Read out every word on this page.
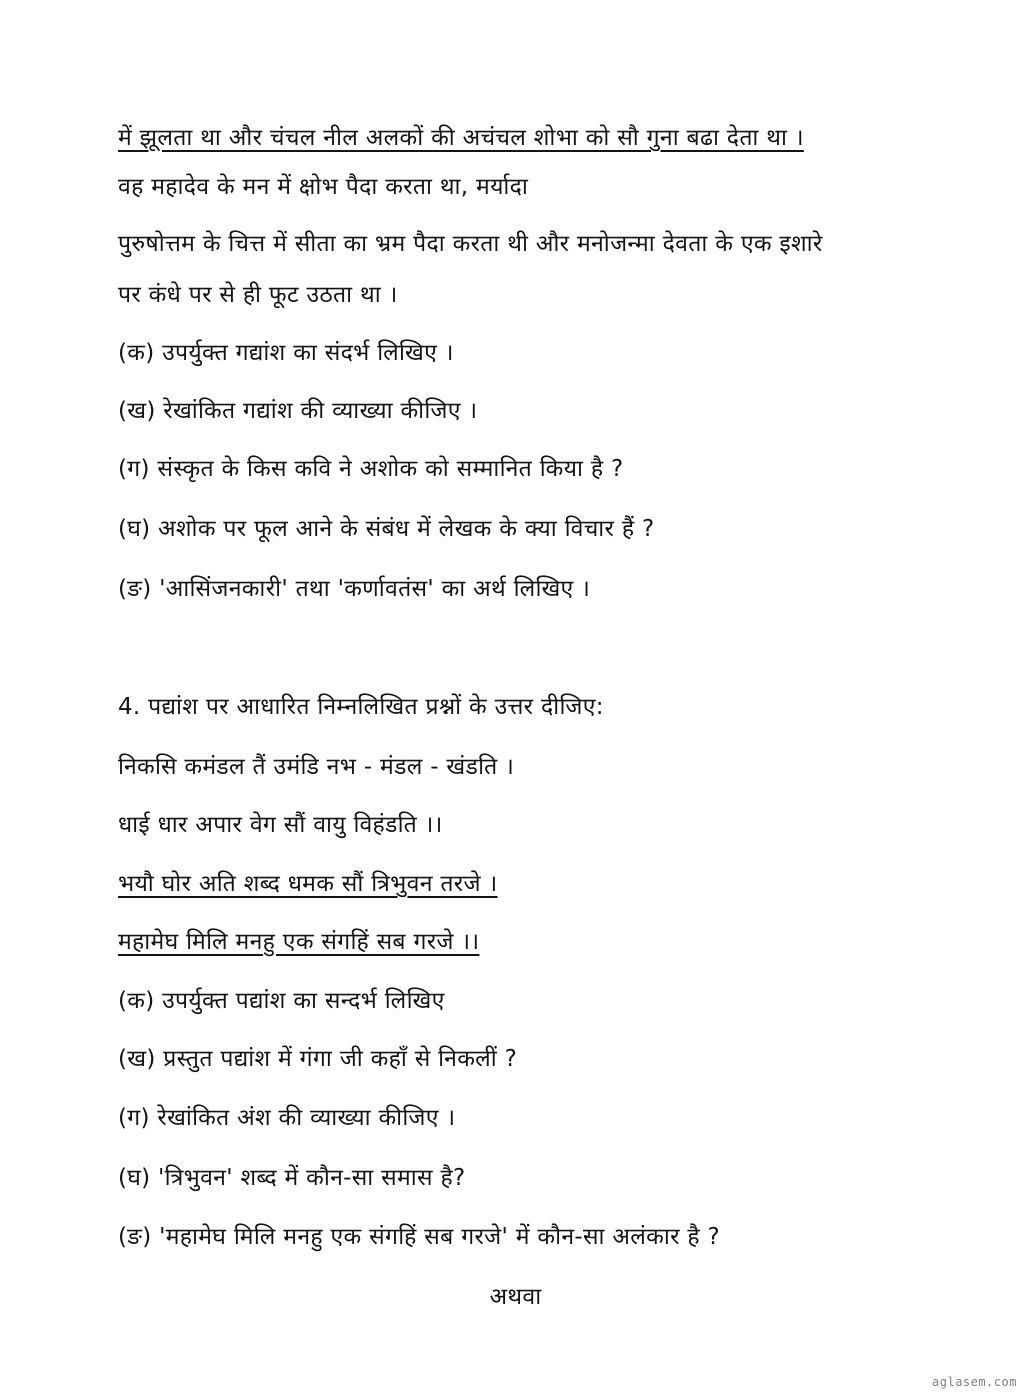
में झूलता था और चंचल नील अलकों की अचंचल शोभा को सौ गुना बढा देता था ।
वह महादेव के मन में क्षोभ पैदा करता था, मर्यादा
पुरुषोत्तम के चित्त में सीता का भ्रम पैदा करता थी और मनोजन्मा देवता के एक इशारे
पर कंधे पर से ही फूट उठता था ।
(क) उपर्युक्त गद्यांश का संदर्भ लिखिए ।
(ख) रेखांकित गद्यांश की व्याख्या कीजिए ।
(ग) संस्कृत के किस कवि ने अशोक को सम्मानित किया है ?
(घ) अशोक पर फूल आने के संबंध में लेखक के क्या विचार हैं ?
(ङ) 'आसिंजनकारी' तथा 'कर्णावतंस' का अर्थ लिखिए ।
4. पद्यांश पर आधारित निम्नलिखित प्रश्नों के उत्तर दीजिए:
निकसि कमंडल तैं उमंडि नभ - मंडल - खंडति ।
धाई धार अपार वेग सौं वायु विहंडति ।।
भयौ घोर अति शब्द धमक सौं त्रिभुवन तरजे ।
महामेघ मिलि मनहु एक संगहिं सब गरजे ।।
(क) उपर्युक्त पद्यांश का सन्दर्भ लिखिए
(ख) प्रस्तुत पद्यांश में गंगा जी कहाँ से निकलीं ?
(ग) रेखांकित अंश की व्याख्या कीजिए ।
(घ) 'त्रिभुवन' शब्द में कौन-सा समास है?
(ङ) 'महामेघ मिलि मनहु एक संगहिं सब गरजे' में कौन-सा अलंकार है ?
अथवा
aglasem.com
